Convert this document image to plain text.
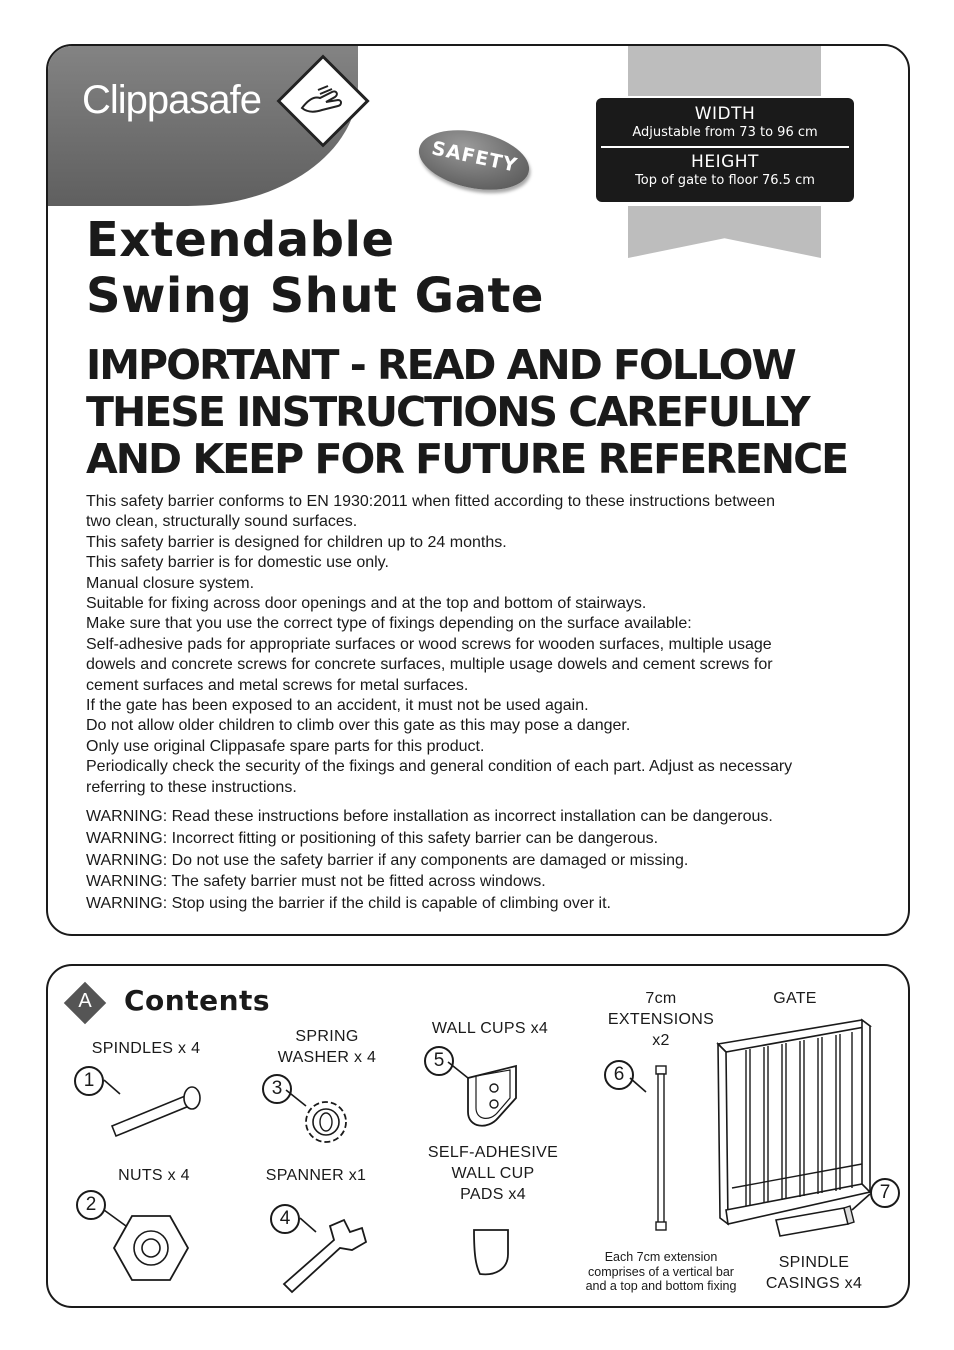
Clippasafe
SAFETY
WIDTH
Adjustable from 73 to 96 cm
HEIGHT
Top of gate to floor 76.5 cm
Extendable
Swing Shut Gate
IMPORTANT - READ AND FOLLOW
THESE INSTRUCTIONS CAREFULLY
AND KEEP FOR FUTURE REFERENCE

This safety barrier conforms to EN 1930:2011 when fitted according to these instructions between

two clean, structurally sound surfaces.

This safety barrier is designed for children up to 24 months.

This safety barrier is for domestic use only.

Manual closure system.

Suitable for fixing across door openings and at the top and bottom of stairways.

Make sure that you use the correct type of fixings depending on the surface available:

Self-adhesive pads for appropriate surfaces or wood screws for wooden surfaces, multiple usage

dowels and concrete screws for concrete surfaces, multiple usage dowels and cement screws for

cement surfaces and metal screws for metal surfaces.

If the gate has been exposed to an accident, it must not be used again.

Do not allow older children to climb over this gate as this may pose a danger.

Only use original Clippasafe spare parts for this product.

Periodically check the security of the fixings and general condition of each part. Adjust as necessary

referring to these instructions.

WARNING: Read these instructions before installation as incorrect installation can be dangerous.

WARNING: Incorrect fitting or positioning of this safety barrier can be dangerous.

WARNING: Do not use the safety barrier if any components are damaged or missing.

WARNING: The safety barrier must not be fitted across windows.

WARNING: Stop using the barrier if the child is capable of climbing over it.

A	Contents
SPINDLES x 4
1
NUTS x 4
2
SPRING
WASHER x 4
3
SPANNER x1
4
WALL CUPS x4
5
SELF-ADHESIVE
WALL CUP
PADS x4
7cm
EXTENSIONS
x2
6
GATE
7
SPINDLE
CASINGS x4
Each 7cm extension
comprises of a vertical bar
and a top and bottom fixing
